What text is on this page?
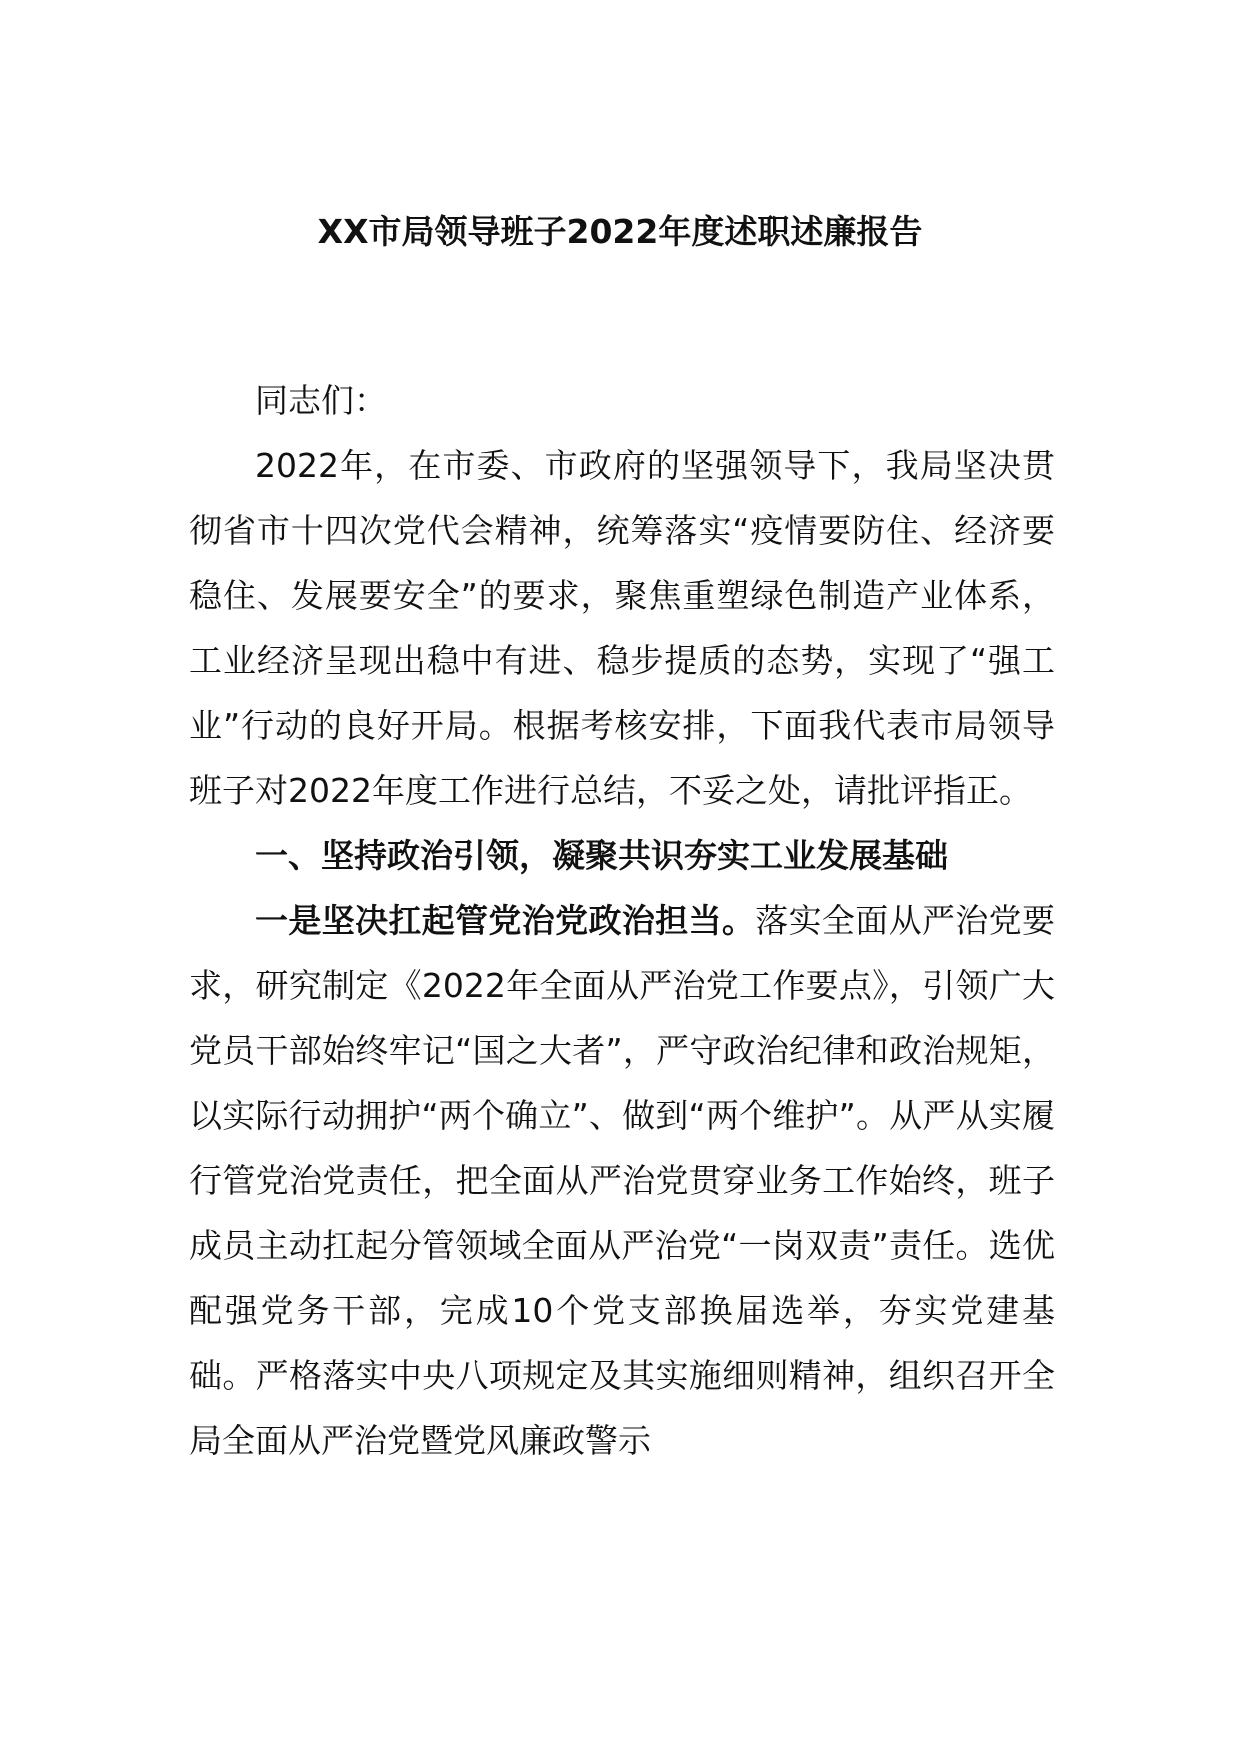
XX市局领导班子2022年度述职述廉报告

同志们：

2022年，在市委、市政府的坚强领导下，我局坚决贯彻省市十四次党代会精神，统筹落实“疫情要防住、经济要稳住、发展要安全”的要求，聚焦重塑绿色制造产业体系，工业经济呈现出稳中有进、稳步提质的态势，实现了“强工业”行动的良好开局。根据考核安排，下面我代表市局领导班子对2022年度工作进行总结，不妥之处，请批评指正。

一、坚持政治引领，凝聚共识夯实工业发展基础

一是坚决扛起管党治党政治担当。落实全面从严治党要求，研究制定《2022年全面从严治党工作要点》，引领广大党员干部始终牢记“国之大者”，严守政治纪律和政治规矩，以实际行动拥护“两个确立”、做到“两个维护”。从严从实履行管党治党责任，把全面从严治党贯穿业务工作始终，班子成员主动扛起分管领域全面从严治党“一岗双责”责任。选优配强党务干部，完成10个党支部换届选举，夯实党建基础。严格落实中央八项规定及其实施细则精神，组织召开全局全面从严治党暨党风廉政警示
